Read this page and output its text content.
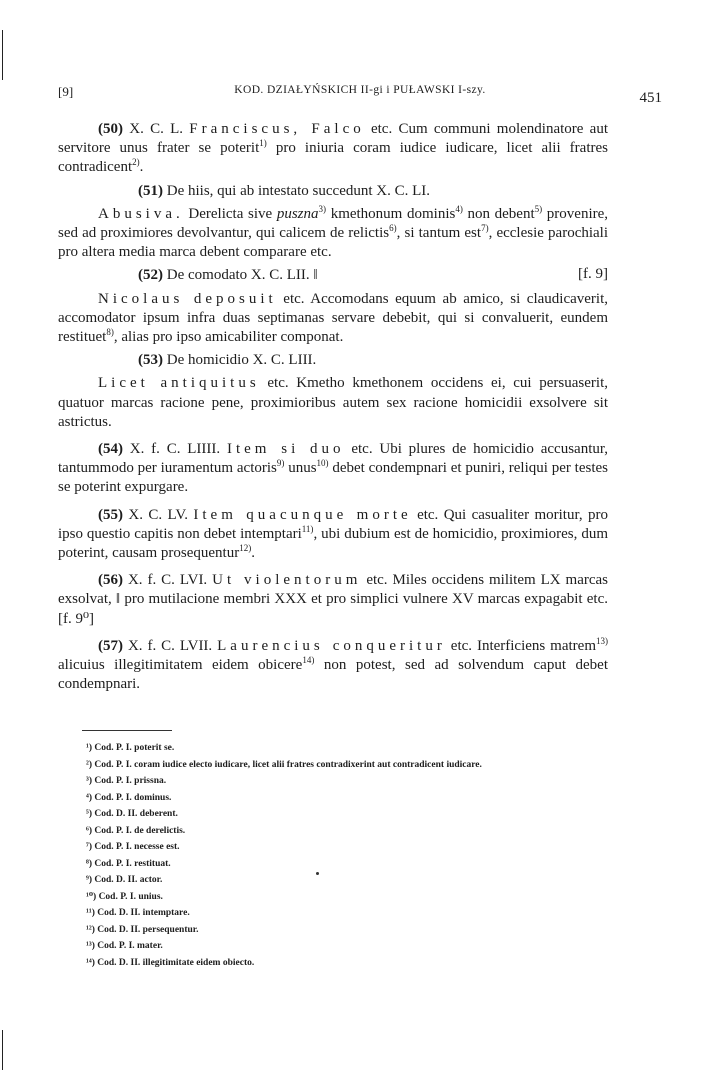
[9]	KOD. DZIAŁYŃSKICH II-gi i PUŁAWSKI I-szy.	451

(50) X. C. L. Franciscus, Falco etc. Cum communi molendinatore aut servitore unus frater se poterit$^{1)}$ pro iniuria coram iudice iudicare, licet alii fratres contradicent$^{2)}$.

(51) De hiis, qui ab intestato succedunt X. C. LI.

Abusiva. Derelicta sive puszna$^{3)}$ kmethonum dominis$^{4)}$ non debent$^{5)}$ provenire, sed ad proximiores devolvantur, qui calicem de relictis$^{6)}$, si tantum est$^{7)}$, ecclesie parochiali pro altera media marca debent comparare etc.

(52) De comodato X. C. LII. ‖	[f. 9]

Nicolaus deposuit etc. Accomodans equum ab amico, si claudicaverit, accomodator ipsum infra duas septimanas servare debebit, qui si convaluerit, eundem restituet$^{8)}$, alias pro ipso amicabiliter componat.

(53) De homicidio X. C. LIII.

Licet antiquitus etc. Kmetho kmethonem occidens ei, cui persuaserit, quatuor marcas racione pene, proximioribus autem sex racione homicidii exsolvere sit astrictus.

(54) X. f. C. LIIII. Item si duo etc. Ubi plures de homicidio accusantur, tantummodo per iuramentum actoris$^{9)}$ unus$^{10)}$ debet condempnari et puniri, reliqui per testes se poterint expurgare.

(55) X. C. LV. Item quacunque morte etc. Qui casualiter moritur, pro ipso questio capitis non debet intemptari$^{11)}$, ubi dubium est de homicidio, proximiores, dum poterint, causam prosequentur$^{12)}$.

(56) X. f. C. LVI. Ut violentorum etc. Miles occidens militem LX marcas exsolvat, ‖ pro mutilacione membri XXX et pro simplici vulnere XV marcas expagabit etc. [f. 9⁰]

(57) X. f. C. LVII. Laurencius conqueritur etc. Interficiens matrem$^{13)}$ alicuius illegitimitatem eidem obicere$^{14)}$ non potest, sed ad solvendum caput debet condempnari.

¹) Cod. P. I. poterit se.

²) Cod. P. I. coram iudice electo iudicare, licet alii fratres contradixerint aut contradicent iudicare.

³) Cod. P. I. prissna.

⁴) Cod. P. I. dominus.

⁵) Cod. D. II. deberent.

⁶) Cod. P. I. de derelictis.

⁷) Cod. P. I. necesse est.

⁸) Cod. P. I. restituat.

⁹) Cod. D. II. actor.

¹⁰) Cod. P. I. unius.

¹¹) Cod. D. II. intemptare.

¹²) Cod. D. II. persequentur.

¹³) Cod. P. I. mater.

¹⁴) Cod. D. II. illegitimitate eidem obiecto.
